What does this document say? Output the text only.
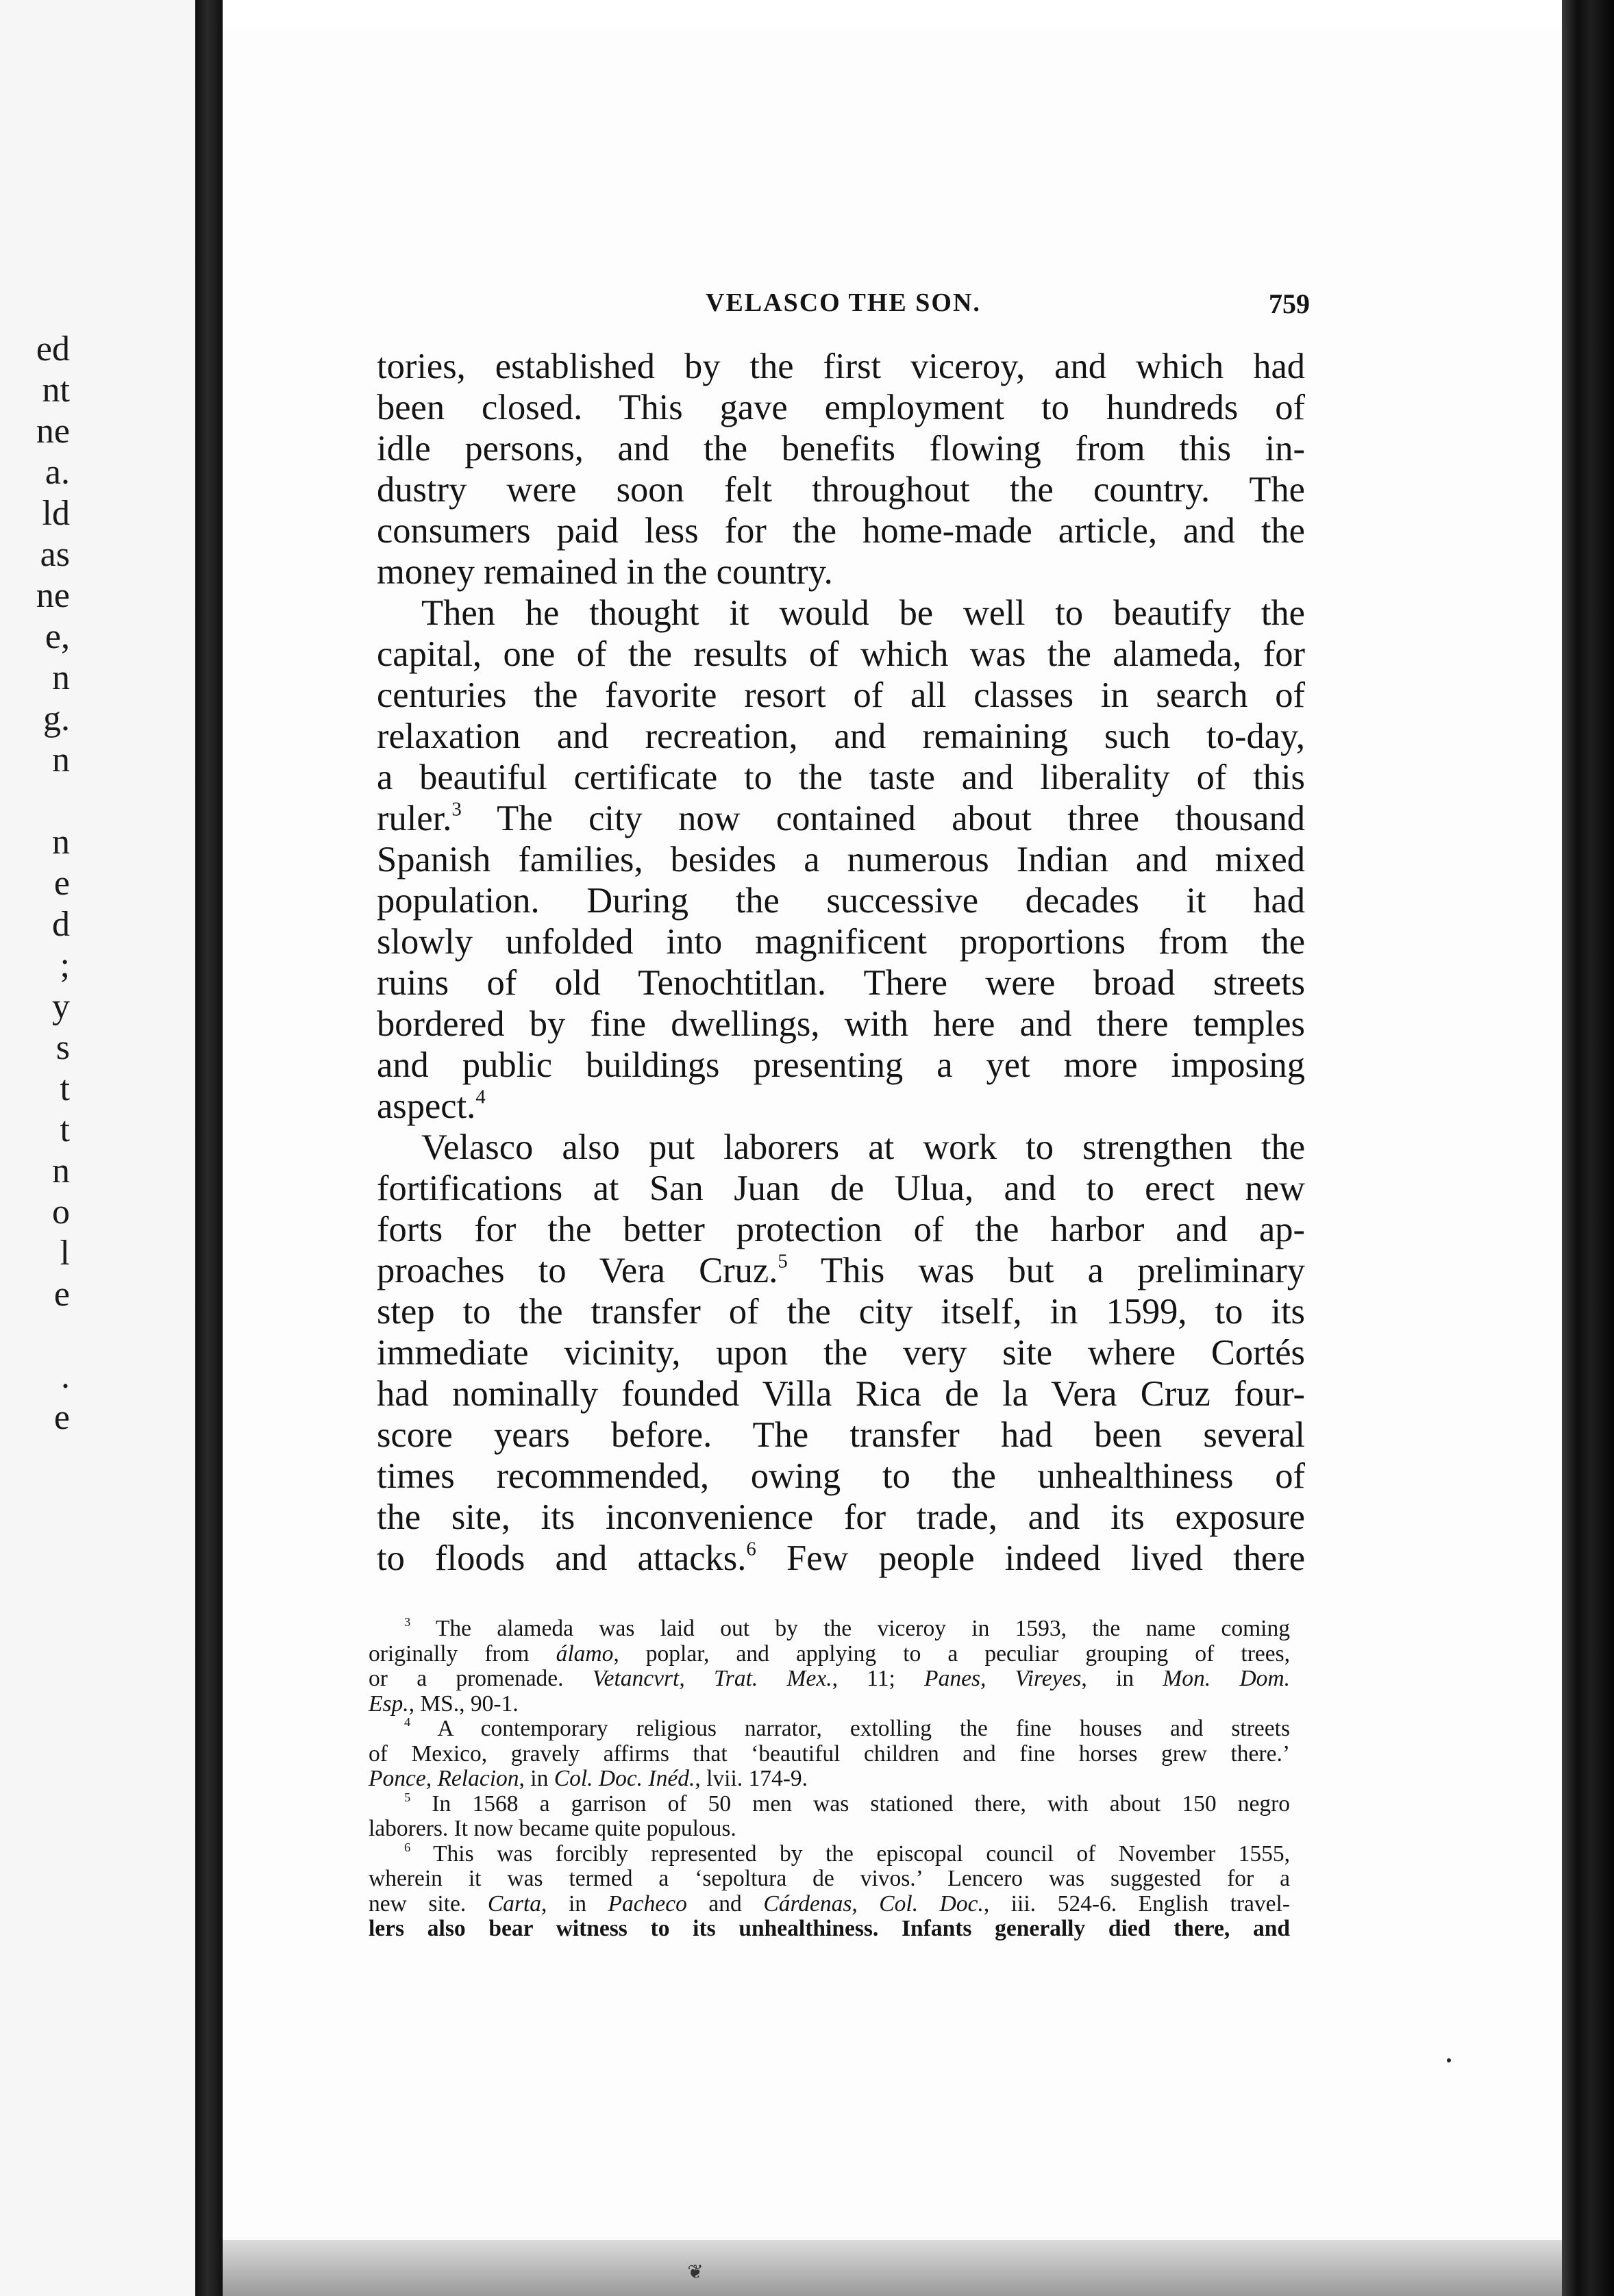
ed
nt
ne
a.
ld
as
ne
e,
n
g.
n
n
e
d
;
y
s
t
t
n
o
l
e
.
e
❦
VELASCO THE SON.	759
tories, established by the first viceroy, and which had
been closed. This gave employment to hundreds of
idle persons, and the benefits flowing from this in-
dustry were soon felt throughout the country. The
consumers paid less for the home-made article, and the
money remained in the country.
Then he thought it would be well to beautify the
capital, one of the results of which was the alameda, for
centuries the favorite resort of all classes in search of
relaxation and recreation, and remaining such to-day,
a beautiful certificate to the taste and liberality of this
ruler.$^3$ The city now contained about three thousand
Spanish families, besides a numerous Indian and mixed
population. During the successive decades it had
slowly unfolded into magnificent proportions from the
ruins of old Tenochtitlan. There were broad streets
bordered by fine dwellings, with here and there temples
and public buildings presenting a yet more imposing
aspect.$^4$
Velasco also put laborers at work to strengthen the
fortifications at San Juan de Ulua, and to erect new
forts for the better protection of the harbor and ap-
proaches to Vera Cruz.$^5$ This was but a preliminary
step to the transfer of the city itself, in 1599, to its
immediate vicinity, upon the very site where Cortés
had nominally founded Villa Rica de la Vera Cruz four-
score years before. The transfer had been several
times recommended, owing to the unhealthiness of
the site, its inconvenience for trade, and its exposure
to floods and attacks.$^6$ Few people indeed lived there
$^3$ The alameda was laid out by the viceroy in 1593, the name coming
originally from álamo, poplar, and applying to a peculiar grouping of trees,
or a promenade. Vetancvrt, Trat. Mex., 11; Panes, Vireyes, in Mon. Dom.
Esp., MS., 90-1.
$^4$ A contemporary religious narrator, extolling the fine houses and streets
of Mexico, gravely affirms that ‘beautiful children and fine horses grew there.’
Ponce, Relacion, in Col. Doc. Inéd., lvii. 174-9.
$^5$ In 1568 a garrison of 50 men was stationed there, with about 150 negro
laborers. It now became quite populous.
$^6$ This was forcibly represented by the episcopal council of November 1555,
wherein it was termed a ‘sepoltura de vivos.’ Lencero was suggested for a
new site. Carta, in Pacheco and Cárdenas, Col. Doc., iii. 524-6. English travel-
lers also bear witness to its unhealthiness. Infants generally died there, and
